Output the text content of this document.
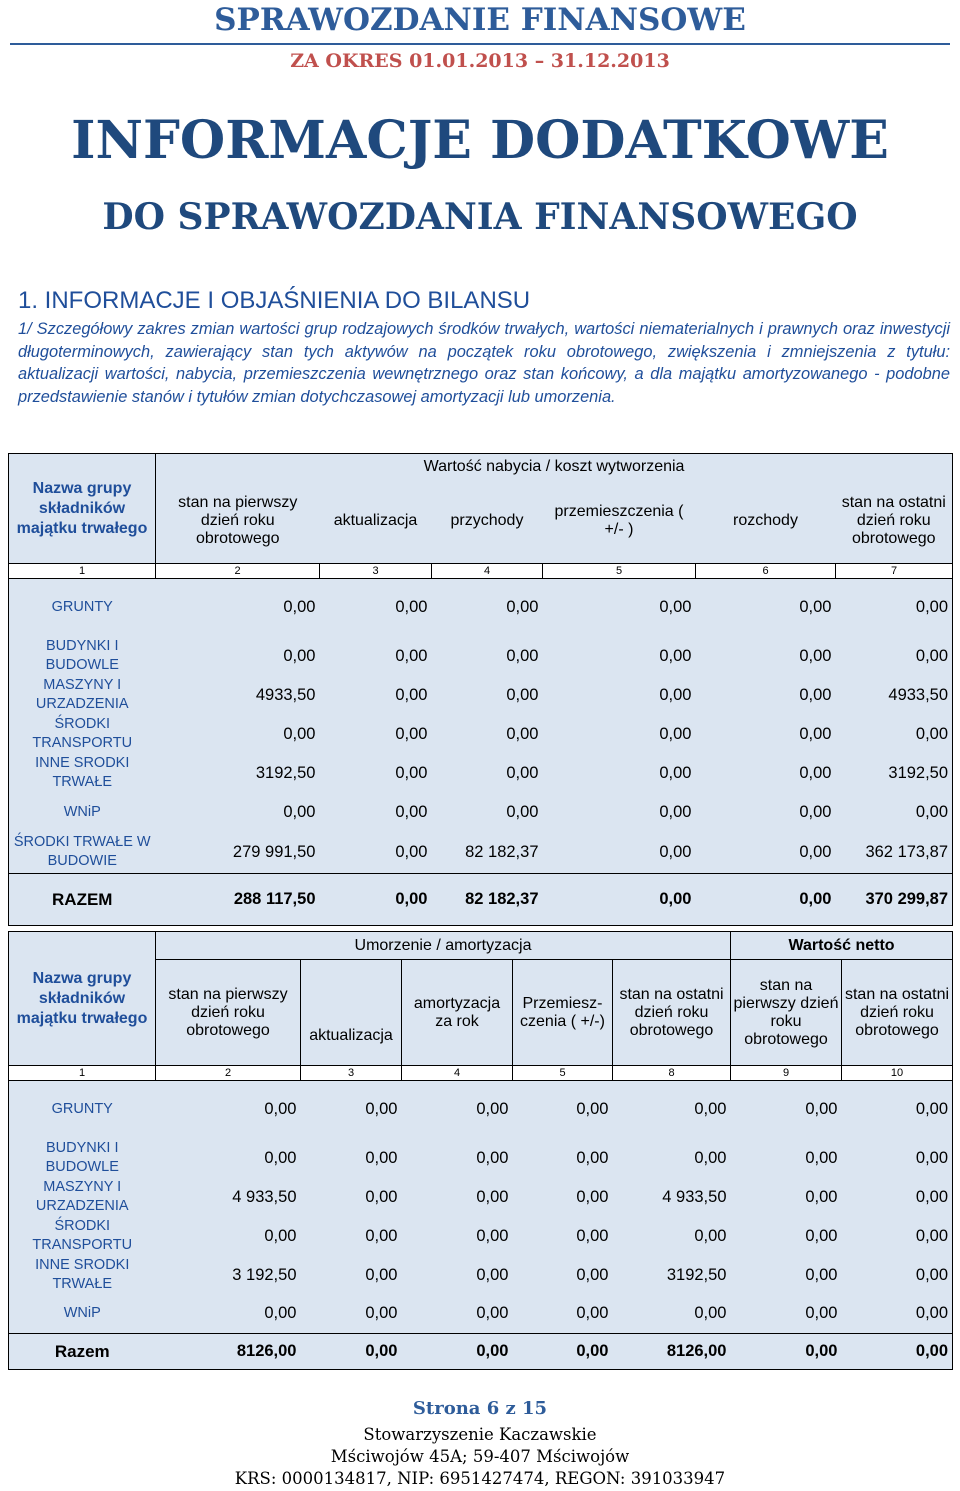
SPRAWOZDANIE FINANSOWE
ZA OKRES 01.01.2013 – 31.12.2013
INFORMACJE DODATKOWE
DO SPRAWOZDANIA FINANSOWEGO
1. INFORMACJE I OBJAŚNIENIA DO BILANSU
1/ Szczegółowy zakres zmian wartości grup rodzajowych środków trwałych, wartości niematerialnych i prawnych oraz inwestycji długoterminowych, zawierający stan tych aktywów na początek roku obrotowego, zwiększenia i zmniejszenia z tytułu: aktualizacji wartości, nabycia, przemieszczenia wewnętrznego oraz stan końcowy, a dla majątku amortyzowanego - podobne przedstawienie stanów i tytułów zmian dotychczasowej amortyzacji lub umorzenia.
Nazwa grupy składników majątku trwałego	Wartość nabycia / koszt wytworzenia					
	stan na pierwszy dzień roku obrotowego	aktualizacja	przychody	przemieszczenia ( +/- )	rozchody	stan na ostatni dzień roku obrotowego
1	2	3	4	5	6	7
GRUNTY	0,00	0,00	0,00	0,00	0,00	0,00
BUDYNKI I BUDOWLE	0,00	0,00	0,00	0,00	0,00	0,00
MASZYNY I URZADZENIA	4933,50	0,00	0,00	0,00	0,00	4933,50
ŚRODKI TRANSPORTU	0,00	0,00	0,00	0,00	0,00	0,00
INNE SRODKI TRWAŁE	3192,50	0,00	0,00	0,00	0,00	3192,50
WNiP	0,00	0,00	0,00	0,00	0,00	0,00
ŚRODKI TRWAŁE W BUDOWIE	279 991,50	0,00	82 182,37	0,00	0,00	362 173,87
RAZEM	288 117,50	0,00	82 182,37	0,00	0,00	370 299,87
Nazwa grupy składników majątku trwałego	Umorzenie / amortyzacja					Wartość netto	
	stan na pierwszy dzień roku obrotowego	aktualizacja	amortyzacja za rok	Przemiesz-czenia ( +/-)	stan na ostatni dzień roku obrotowego	stan na pierwszy dzień roku obrotowego	stan na ostatni dzień roku obrotowego
1	2	3	4	5	8	9	10
GRUNTY	0,00	0,00	0,00	0,00	0,00	0,00	0,00
BUDYNKI I BUDOWLE	0,00	0,00	0,00	0,00	0,00	0,00	0,00
MASZYNY I URZADZENIA	4 933,50	0,00	0,00	0,00	4 933,50	0,00	0,00
ŚRODKI TRANSPORTU	0,00	0,00	0,00	0,00	0,00	0,00	0,00
INNE SRODKI TRWAŁE	3 192,50	0,00	0,00	0,00	3192,50	0,00	0,00
WNiP	0,00	0,00	0,00	0,00	0,00	0,00	0,00
Razem	8126,00	0,00	0,00	0,00	8126,00	0,00	0,00
Strona 6 z 15
Stowarzyszenie Kaczawskie
Mściwojów 45A; 59-407 Mściwojów
KRS: 0000134817, NIP: 6951427474, REGON: 391033947
